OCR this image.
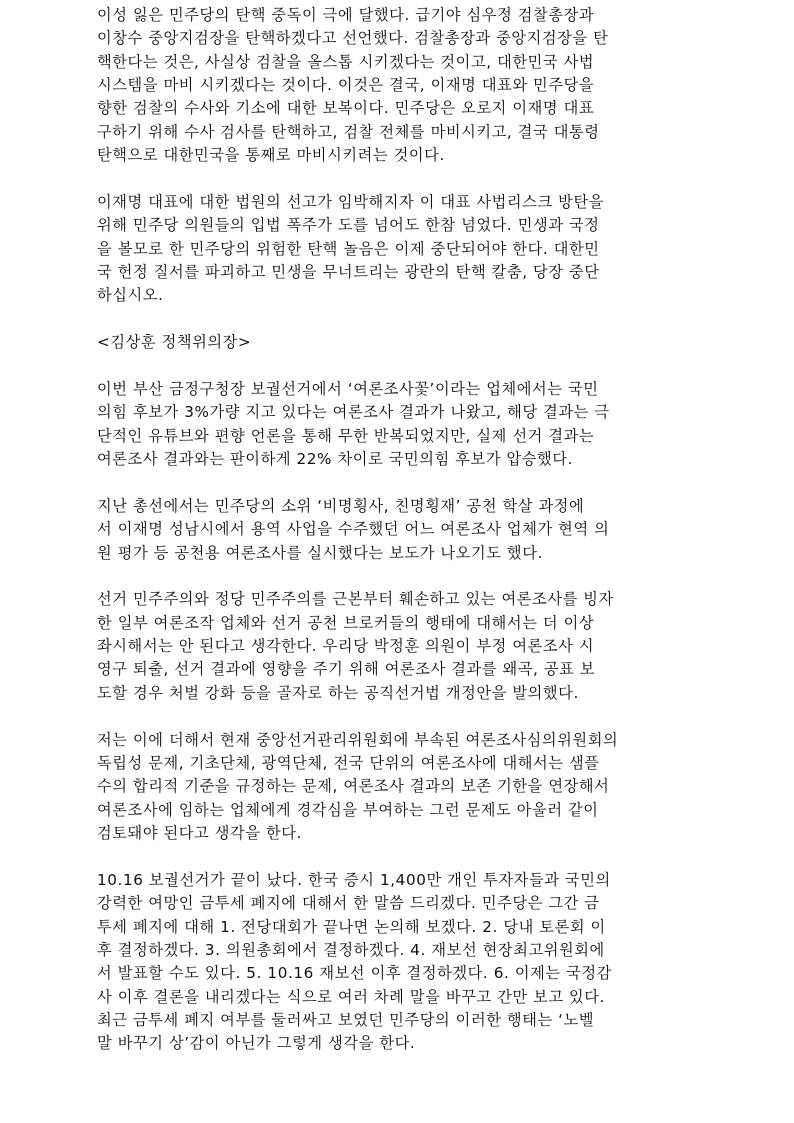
이성 잃은 민주당의 탄핵 중독이 극에 달했다. 급기야 심우정 검찰총장과
이창수 중앙지검장을 탄핵하겠다고 선언했다. 검찰총장과 중앙지검장을 탄
핵한다는 것은, 사실상 검찰을 올스톱 시키겠다는 것이고, 대한민국 사법
시스템을 마비 시키겠다는 것이다. 이것은 결국, 이재명 대표와 민주당을
향한 검찰의 수사와 기소에 대한 보복이다. 민주당은 오로지 이재명 대표
구하기 위해 수사 검사를 탄핵하고, 검찰 전체를 마비시키고, 결국 대통령
탄핵으로 대한민국을 통째로 마비시키려는 것이다.
이재명 대표에 대한 법원의 선고가 임박해지자 이 대표 사법리스크 방탄을
위해 민주당 의원들의 입법 폭주가 도를 넘어도 한참 넘었다. 민생과 국정
을 볼모로 한 민주당의 위험한 탄핵 놀음은 이제 중단되어야 한다. 대한민
국 헌정 질서를 파괴하고 민생을 무너트리는 광란의 탄핵 칼춤, 당장 중단
하십시오.
<김상훈 정책위의장>
이번 부산 금정구청장 보궐선거에서 ‘여론조사꽃’이라는 업체에서는 국민
의힘 후보가 3%가량 지고 있다는 여론조사 결과가 나왔고, 해당 결과는 극
단적인 유튜브와 편향 언론을 통해 무한 반복되었지만, 실제 선거 결과는
여론조사 결과와는 판이하게 22% 차이로 국민의힘 후보가 압승했다.
지난 총선에서는 민주당의 소위 ‘비명횡사, 친명횡재’ 공천 학살 과정에
서 이재명 성남시에서 용역 사업을 수주했던 어느 여론조사 업체가 현역 의
원 평가 등 공천용 여론조사를 실시했다는 보도가 나오기도 했다.
선거 민주주의와 정당 민주주의를 근본부터 훼손하고 있는 여론조사를 빙자
한 일부 여론조작 업체와 선거 공천 브로커들의 행태에 대해서는 더 이상
좌시해서는 안 된다고 생각한다. 우리당 박정훈 의원이 부정 여론조사 시
영구 퇴출, 선거 결과에 영향을 주기 위해 여론조사 결과를 왜곡, 공표 보
도할 경우 처벌 강화 등을 골자로 하는 공직선거법 개정안을 발의했다.
저는 이에 더해서 현재 중앙선거관리위원회에 부속된 여론조사심의위원회의
독립성 문제, 기초단체, 광역단체, 전국 단위의 여론조사에 대해서는 샘플
수의 합리적 기준을 규정하는 문제, 여론조사 결과의 보존 기한을 연장해서
여론조사에 임하는 업체에게 경각심을 부여하는 그런 문제도 아울러 같이
검토돼야 된다고 생각을 한다.
10.16 보궐선거가 끝이 났다. 한국 증시 1,400만 개인 투자자들과 국민의
강력한 여망인 금투세 폐지에 대해서 한 말씀 드리겠다. 민주당은 그간 금
투세 폐지에 대해 1. 전당대회가 끝나면 논의해 보겠다. 2. 당내 토론회 이
후 결정하겠다. 3. 의원총회에서 결정하겠다. 4. 재보선 현장최고위원회에
서 발표할 수도 있다. 5. 10.16 재보선 이후 결정하겠다. 6. 이제는 국정감
사 이후 결론을 내리겠다는 식으로 여러 차례 말을 바꾸고 간만 보고 있다.
최근 금투세 폐지 여부를 둘러싸고 보였던 민주당의 이러한 행태는 ‘노벨
말 바꾸기 상’감이 아닌가 그렇게 생각을 한다.
